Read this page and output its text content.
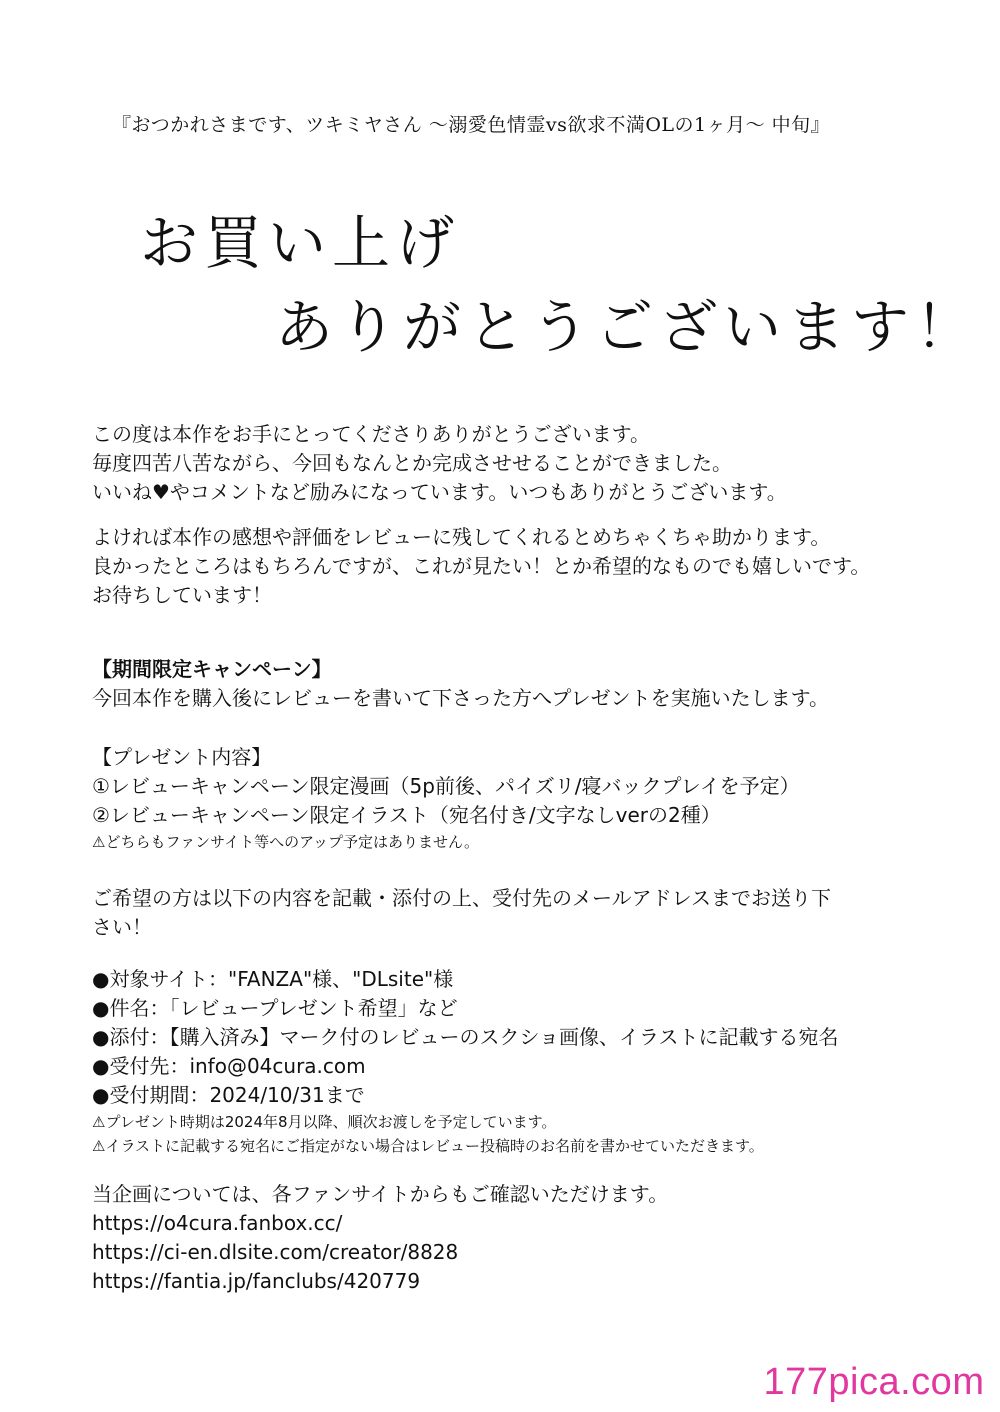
『おつかれさまです、ツキミヤさん ～溺愛色情霊vs欲求不満OLの1ヶ月～ 中旬』
お買い上げ
ありがとうございます！
この度は本作をお手にとってくださりありがとうございます。
毎度四苦八苦ながら、今回もなんとか完成させせることができました。
いいね♥やコメントなど励みになっています。いつもありがとうございます。
よければ本作の感想や評価をレビューに残してくれるとめちゃくちゃ助かります。
良かったところはもちろんですが、これが見たい！とか希望的なものでも嬉しいです。
お待ちしています！
【期間限定キャンペーン】
今回本作を購入後にレビューを書いて下さった方へプレゼントを実施いたします。
【プレゼント内容】
①レビューキャンペーン限定漫画（5p前後、パイズリ/寝バックプレイを予定）
②レビューキャンペーン限定イラスト（宛名付き/文字なしverの2種）
⚠どちらもファンサイト等へのアップ予定はありません。
ご希望の方は以下の内容を記載・添付の上、受付先のメールアドレスまでお送り下
さい！
●対象サイト："FANZA"様、"DLsite"様
●件名：「レビュープレゼント希望」など
●添付：【購入済み】マーク付のレビューのスクショ画像、イラストに記載する宛名
●受付先：info@04cura.com
●受付期間：2024/10/31まで
⚠プレゼント時期は2024年8月以降、順次お渡しを予定しています。
⚠イラストに記載する宛名にご指定がない場合はレビュー投稿時のお名前を書かせていただきます。
当企画については、各ファンサイトからもご確認いただけます。
https://o4cura.fanbox.cc/
https://ci-en.dlsite.com/creator/8828
https://fantia.jp/fanclubs/420779
177pica.com
